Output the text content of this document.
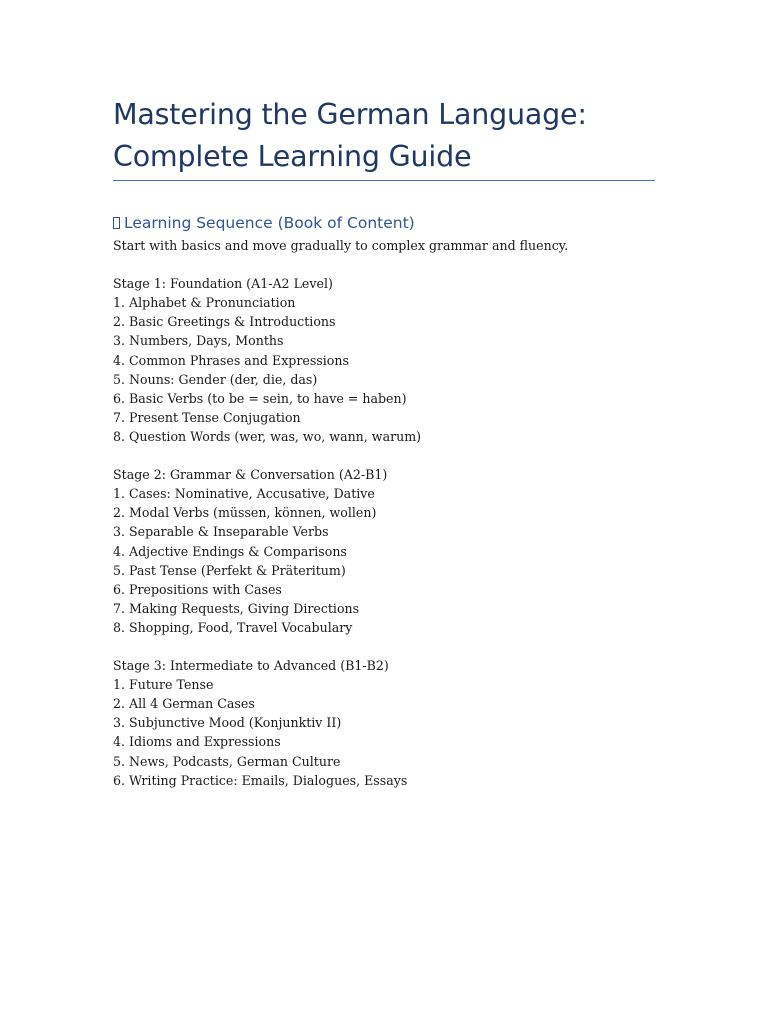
Mastering the German Language:
Complete Learning Guide
Learning Sequence (Book of Content)
Start with basics and move gradually to complex grammar and fluency.
Stage 1: Foundation (A1-A2 Level)
1. Alphabet & Pronunciation
2. Basic Greetings & Introductions
3. Numbers, Days, Months
4. Common Phrases and Expressions
5. Nouns: Gender (der, die, das)
6. Basic Verbs (to be = sein, to have = haben)
7. Present Tense Conjugation
8. Question Words (wer, was, wo, wann, warum)
Stage 2: Grammar & Conversation (A2-B1)
1. Cases: Nominative, Accusative, Dative
2. Modal Verbs (müssen, können, wollen)
3. Separable & Inseparable Verbs
4. Adjective Endings & Comparisons
5. Past Tense (Perfekt & Präteritum)
6. Prepositions with Cases
7. Making Requests, Giving Directions
8. Shopping, Food, Travel Vocabulary
Stage 3: Intermediate to Advanced (B1-B2)
1. Future Tense
2. All 4 German Cases
3. Subjunctive Mood (Konjunktiv II)
4. Idioms and Expressions
5. News, Podcasts, German Culture
6. Writing Practice: Emails, Dialogues, Essays
